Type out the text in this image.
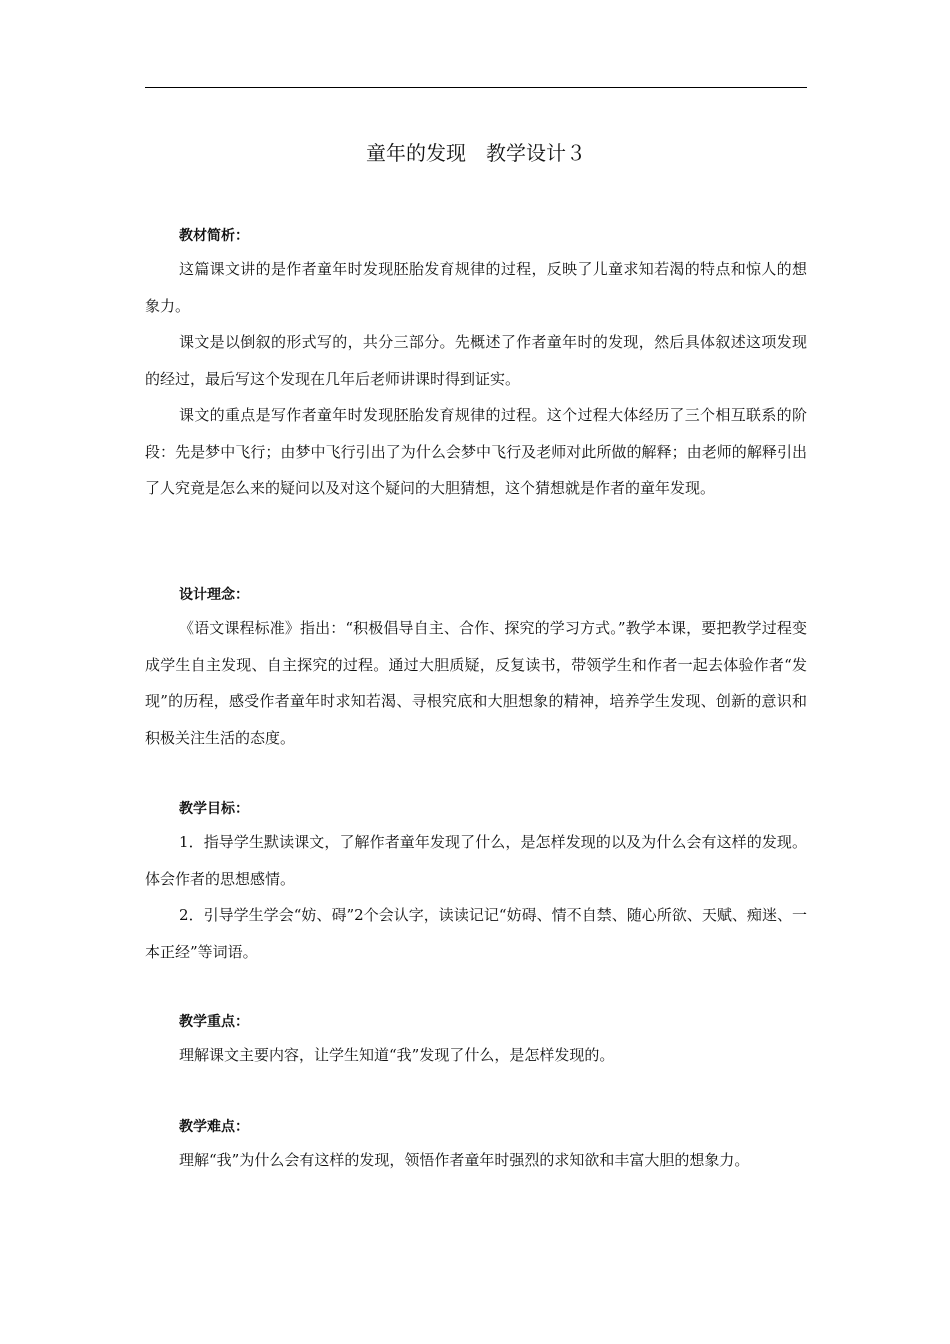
童年的发现　教学设计３
教材简析：
这篇课文讲的是作者童年时发现胚胎发育规律的过程，反映了儿童求知若渴的特点和惊人的想象力。
课文是以倒叙的形式写的，共分三部分。先概述了作者童年时的发现，然后具体叙述这项发现的经过，最后写这个发现在几年后老师讲课时得到证实。
课文的重点是写作者童年时发现胚胎发育规律的过程。这个过程大体经历了三个相互联系的阶段：先是梦中飞行；由梦中飞行引出了为什么会梦中飞行及老师对此所做的解释；由老师的解释引出了人究竟是怎么来的疑问以及对这个疑问的大胆猜想，这个猜想就是作者的童年发现。
设计理念：
《语文课程标准》指出：“积极倡导自主、合作、探究的学习方式。”教学本课，要把教学过程变成学生自主发现、自主探究的过程。通过大胆质疑，反复读书，带领学生和作者一起去体验作者“发现”的历程，感受作者童年时求知若渴、寻根究底和大胆想象的精神，培养学生发现、创新的意识和积极关注生活的态度。
教学目标：
1．指导学生默读课文，了解作者童年发现了什么，是怎样发现的以及为什么会有这样的发现。体会作者的思想感情。
2．引导学生学会“妨、碍”2个会认字，读读记记“妨碍、情不自禁、随心所欲、天赋、痴迷、一本正经”等词语。
教学重点：
理解课文主要内容，让学生知道“我”发现了什么，是怎样发现的。
教学难点：
理解“我”为什么会有这样的发现，领悟作者童年时强烈的求知欲和丰富大胆的想象力。
